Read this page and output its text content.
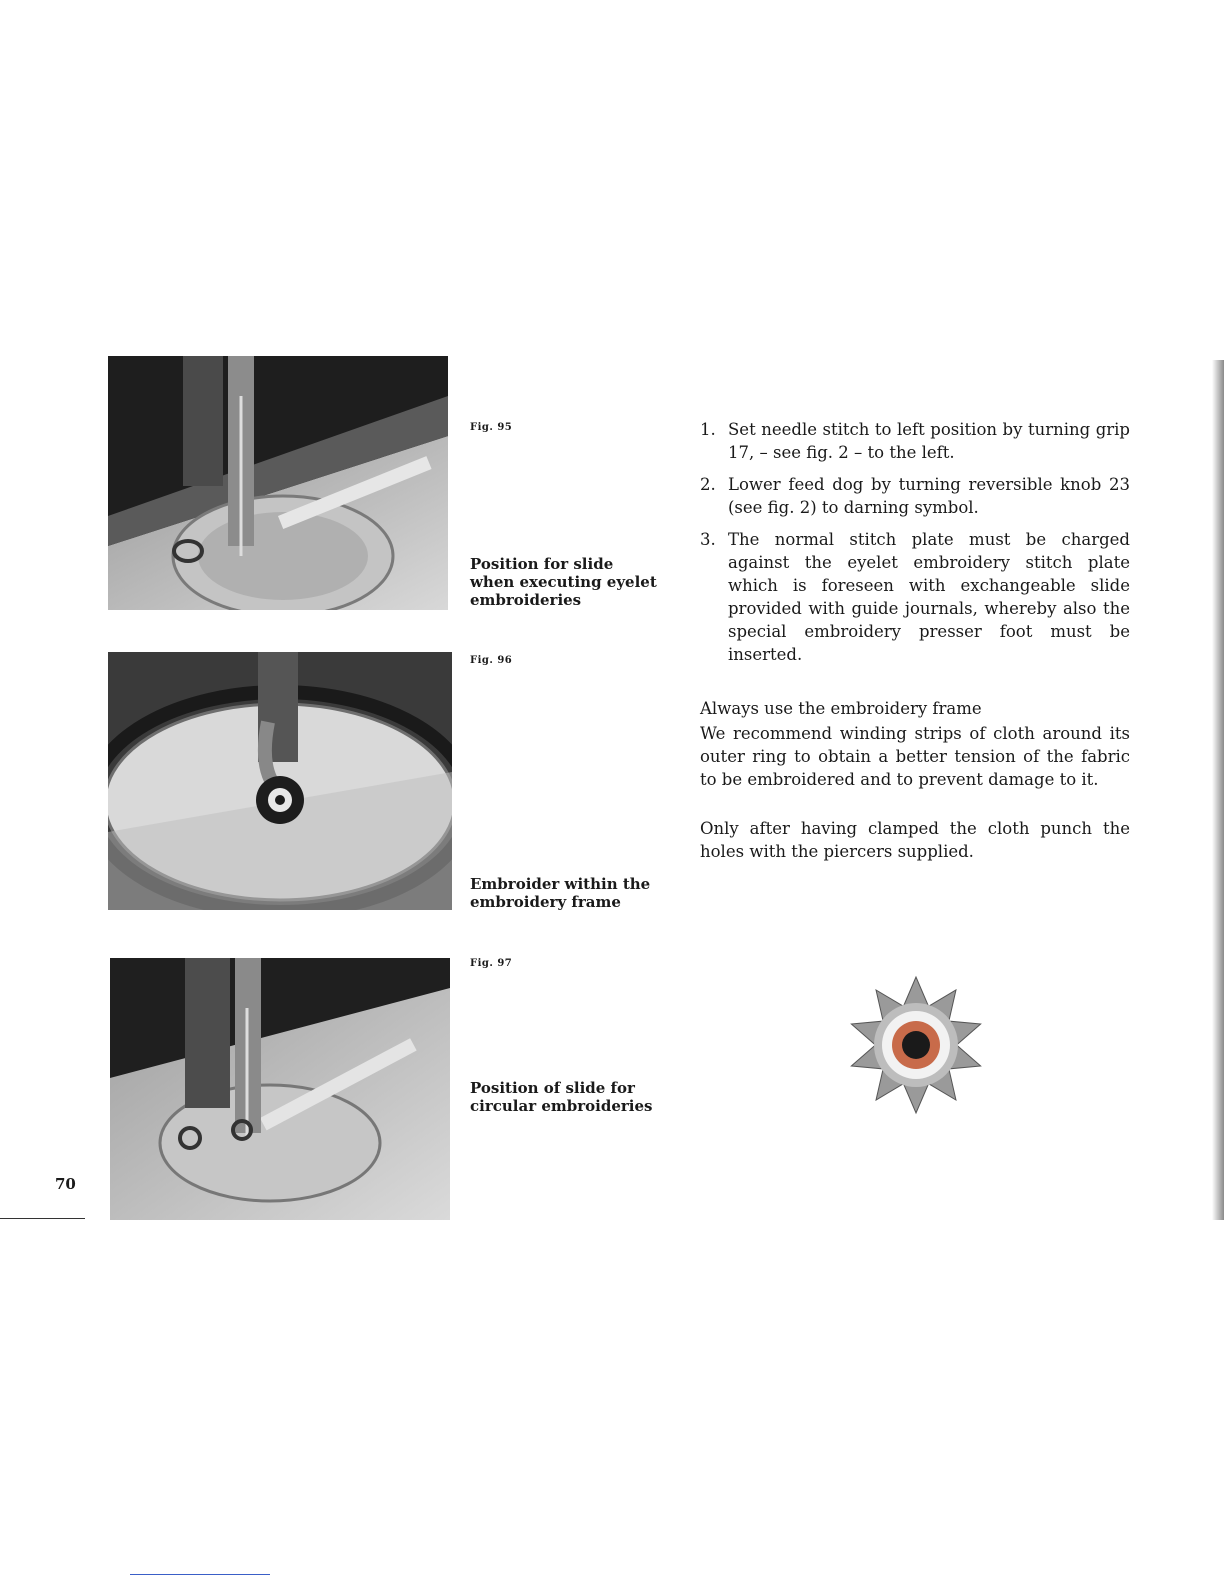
Fig. 95
Position for slide
when executing eyelet
embroideries
Fig. 96
Embroider within the
embroidery frame
Fig. 97
Position of slide for
circular embroideries
1. Set needle stitch to left position by turning grip 17, – see fig. 2 – to the left.
2. Lower feed dog by turning reversible knob 23 (see fig. 2) to darning symbol.
3. The normal stitch plate must be charged against the eyelet embroidery stitch plate which is foreseen with exchangeable slide provided with guide journals, whereby also the special embroidery presser foot must be inserted.

Always use the embroidery frame

We recommend winding strips of cloth around its outer ring to obtain a better tension of the fabric to be embroidered and to prevent damage to it.

Only after having clamped the cloth punch the holes with the piercers supplied.

70
